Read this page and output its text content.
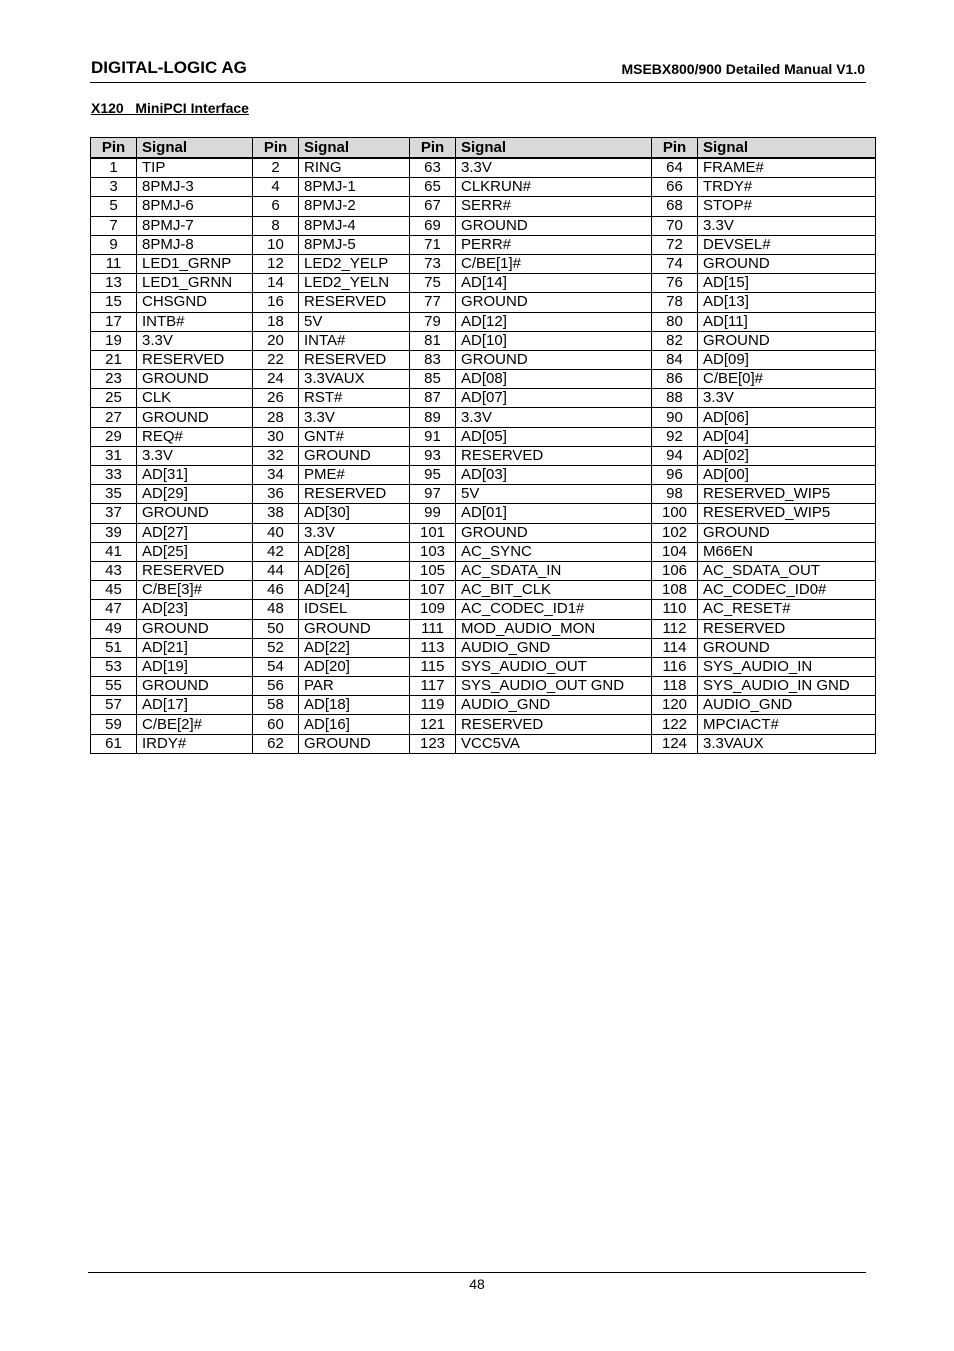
DIGITAL-LOGIC AG	MSEBX800/900 Detailed Manual V1.0
X120   MiniPCI Interface
Pin	Signal	Pin	Signal	Pin	Signal	Pin	Signal
1	TIP	2	RING	63	3.3V	64	FRAME#
3	8PMJ-3	4	8PMJ-1	65	CLKRUN#	66	TRDY#
5	8PMJ-6	6	8PMJ-2	67	SERR#	68	STOP#
7	8PMJ-7	8	8PMJ-4	69	GROUND	70	3.3V
9	8PMJ-8	10	8PMJ-5	71	PERR#	72	DEVSEL#
11	LED1_GRNP	12	LED2_YELP	73	C/BE[1]#	74	GROUND
13	LED1_GRNN	14	LED2_YELN	75	AD[14]	76	AD[15]
15	CHSGND	16	RESERVED	77	GROUND	78	AD[13]
17	INTB#	18	5V	79	AD[12]	80	AD[11]
19	3.3V	20	INTA#	81	AD[10]	82	GROUND
21	RESERVED	22	RESERVED	83	GROUND	84	AD[09]
23	GROUND	24	3.3VAUX	85	AD[08]	86	C/BE[0]#
25	CLK	26	RST#	87	AD[07]	88	3.3V
27	GROUND	28	3.3V	89	3.3V	90	AD[06]
29	REQ#	30	GNT#	91	AD[05]	92	AD[04]
31	3.3V	32	GROUND	93	RESERVED	94	AD[02]
33	AD[31]	34	PME#	95	AD[03]	96	AD[00]
35	AD[29]	36	RESERVED	97	5V	98	RESERVED_WIP5
37	GROUND	38	AD[30]	99	AD[01]	100	RESERVED_WIP5
39	AD[27]	40	3.3V	101	GROUND	102	GROUND
41	AD[25]	42	AD[28]	103	AC_SYNC	104	M66EN
43	RESERVED	44	AD[26]	105	AC_SDATA_IN	106	AC_SDATA_OUT
45	C/BE[3]#	46	AD[24]	107	AC_BIT_CLK	108	AC_CODEC_ID0#
47	AD[23]	48	IDSEL	109	AC_CODEC_ID1#	110	AC_RESET#
49	GROUND	50	GROUND	111	MOD_AUDIO_MON	112	RESERVED
51	AD[21]	52	AD[22]	113	AUDIO_GND	114	GROUND
53	AD[19]	54	AD[20]	115	SYS_AUDIO_OUT	116	SYS_AUDIO_IN
55	GROUND	56	PAR	117	SYS_AUDIO_OUT GND	118	SYS_AUDIO_IN GND
57	AD[17]	58	AD[18]	119	AUDIO_GND	120	AUDIO_GND
59	C/BE[2]#	60	AD[16]	121	RESERVED	122	MPCIACT#
61	IRDY#	62	GROUND	123	VCC5VA	124	3.3VAUX
48
